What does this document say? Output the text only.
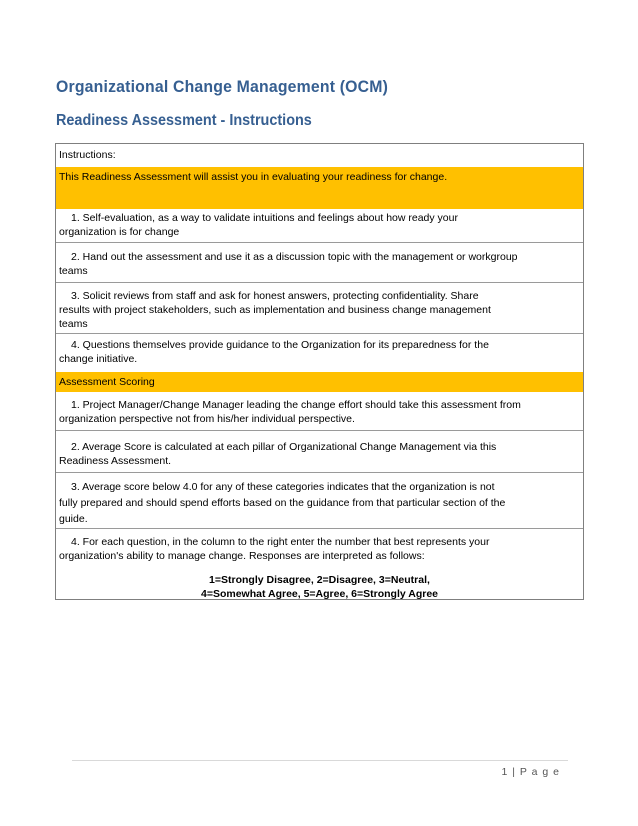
Organizational Change Management (OCM)
Readiness Assessment - Instructions
Instructions:
This Readiness Assessment will assist you in evaluating your readiness for change.
1. Self-evaluation, as a way to validate intuitions and feelings about how ready your
organization is for change
2. Hand out the assessment and use it as a discussion topic with the management or workgroup
teams
3. Solicit reviews from staff and ask for honest answers, protecting confidentiality. Share
results with project stakeholders, such as implementation and business change management
teams
4. Questions themselves provide guidance to the Organization for its preparedness for the
change initiative.
Assessment Scoring
1. Project Manager/Change Manager leading the change effort should take this assessment from
organization perspective not from his/her individual perspective.
2. Average Score is calculated at each pillar of Organizational Change Management via this
Readiness Assessment.
3. Average score below 4.0 for any of these categories indicates that the organization is not
fully prepared and should spend efforts based on the guidance from that particular section of the
guide.
4. For each question, in the column to the right enter the number that best represents your
organization's ability to manage change. Responses are interpreted as follows:
1=Strongly Disagree, 2=Disagree, 3=Neutral,
4=Somewhat Agree, 5=Agree, 6=Strongly Agree
1 | P a g e
